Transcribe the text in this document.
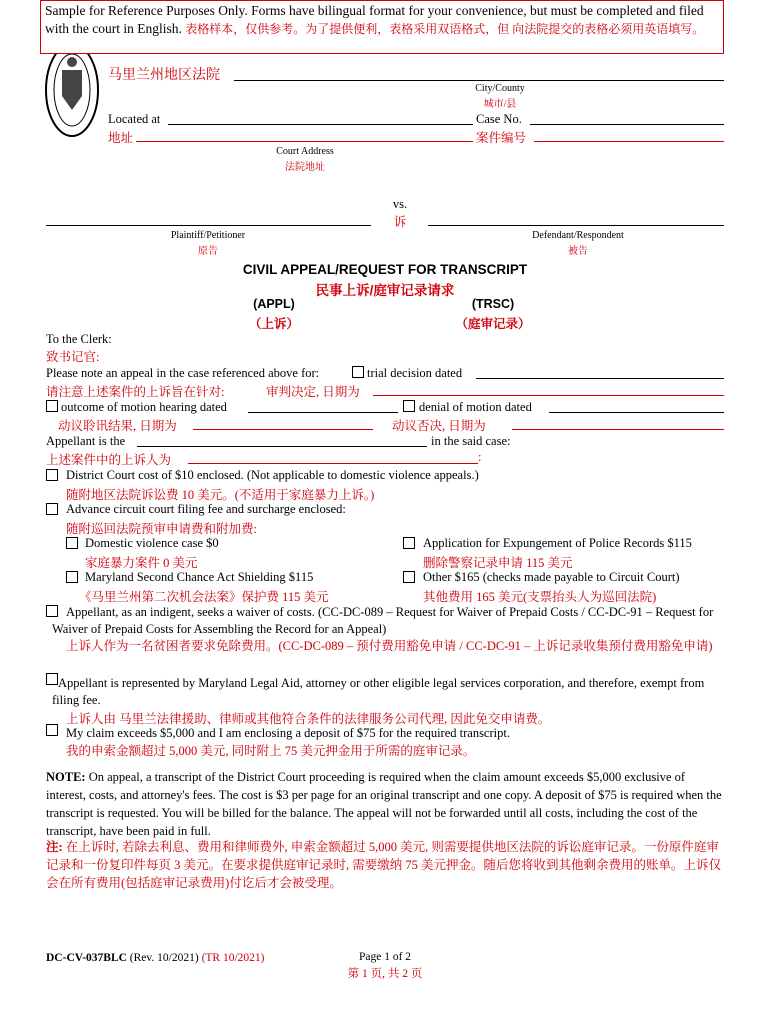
Sample for Reference Purposes Only. Forms have bilingual format for your convenience, but must be completed and filed with the court in English. 表格样本，仅供参考。为了提供便利，表格采用双语格式，但 向法院提交的表格必须用英语填写。
马里兰州地区法院
City/County
城市/县
Located at
地址
Case No.
案件编号
Court Address
法院地址
vs.
诉
Plaintiff/Petitioner
原告
Defendant/Respondent
被告
CIVIL APPEAL/REQUEST FOR TRANSCRIPT
民事上诉/庭审记录请求
(APPL)
（上诉）
(TRSC)
（庭审记录）
To the Clerk:
致书记官:
Please note an appeal in the case referenced above for:	trial decision dated
请注意上述案件的上诉旨在针对:	审判决定, 日期为
outcome of motion hearing dated	denial of motion dated
动议聆讯结果, 日期为	动议否决, 日期为
Appellant is the	in the said case:
上述案件中的上诉人为	:
District Court cost of $10 enclosed. (Not applicable to domestic violence appeals.)
随附地区法院诉讼费 10 美元。(不适用于家庭暴力上诉。)
Advance circuit court filing fee and surcharge enclosed:
随附巡回法院预审申请费和附加费:
Domestic violence case $0
家庭暴力案件 0 美元
Application for Expungement of Police Records $115
删除警察记录申请 115 美元
Maryland Second Chance Act Shielding $115
《马里兰州第二次机会法案》保护费 115 美元
Other $165 (checks made payable to Circuit Court)
其他费用 165 美元(支票抬头人为巡回法院)
Appellant, as an indigent, seeks a waiver of costs. (CC-DC-089 – Request for Waiver of Prepaid Costs / CC-DC-91 – Request for Waiver of Prepaid Costs for Assembling the Record for an Appeal)
上诉人作为一名贫困者要求免除费用。(CC-DC-089 – 预付费用豁免申请 / CC-DC-91 – 上诉记录收集预付费用豁免申请)
Appellant is represented by Maryland Legal Aid, attorney or other eligible legal services corporation, and therefore, exempt from filing fee.
上诉人由 马里兰法律援助、律师或其他符合条件的法律服务公司代理, 因此免交申请费。
My claim exceeds $5,000 and I am enclosing a deposit of $75 for the required transcript.
我的申索金额超过 5,000 美元, 同时附上 75 美元押金用于所需的庭审记录。
NOTE: On appeal, a transcript of the District Court proceeding is required when the claim amount exceeds $5,000 exclusive of interest, costs, and attorney's fees. The cost is $3 per page for an original transcript and one copy. A deposit of $75 is required when the transcript is requested. You will be billed for the balance. The appeal will not be forwarded until all costs, including the cost of the transcript, have been paid in full.
注: 在上诉时, 若除去利息、费用和律师费外, 申索金额超过 5,000 美元, 则需要提供地区法院的诉讼庭审记录。一份原件庭审记录和一份复印件每页 3 美元。在要求提供庭审记录时, 需要缴纳 75 美元押金。随后您将收到其他剩余费用的账单。上诉仅会在所有费用(包括庭审记录费用)付讫后才会被受理。
DC-CV-037BLC (Rev. 10/2021) (TR 10/2021)	Page 1 of 2
第 1 页, 共 2 页
